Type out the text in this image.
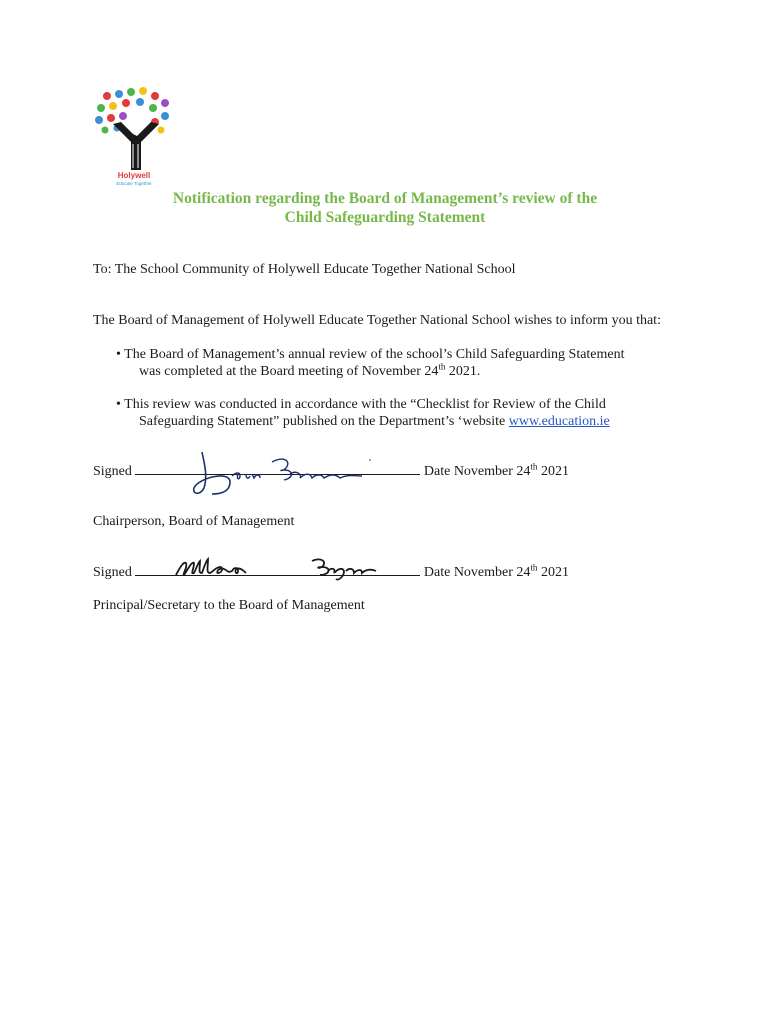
Holywell
Educate Together
Notification regarding the Board of Management’s review of the
Child Safeguarding Statement
To: The School Community of Holywell Educate Together National School
The Board of Management of Holywell Educate Together National School wishes to inform you that:
• The Board of Management’s annual review of the school’s Child Safeguarding Statement
was completed at the Board meeting of November 24th 2021.
• This review was conducted in accordance with the “Checklist for Review of the Child
Safeguarding Statement” published on the Department’s ‘website www.education.ie
Signed	Date November 24th 2021
Chairperson, Board of Management
Signed	Date November 24th 2021
Principal/Secretary to the Board of Management
